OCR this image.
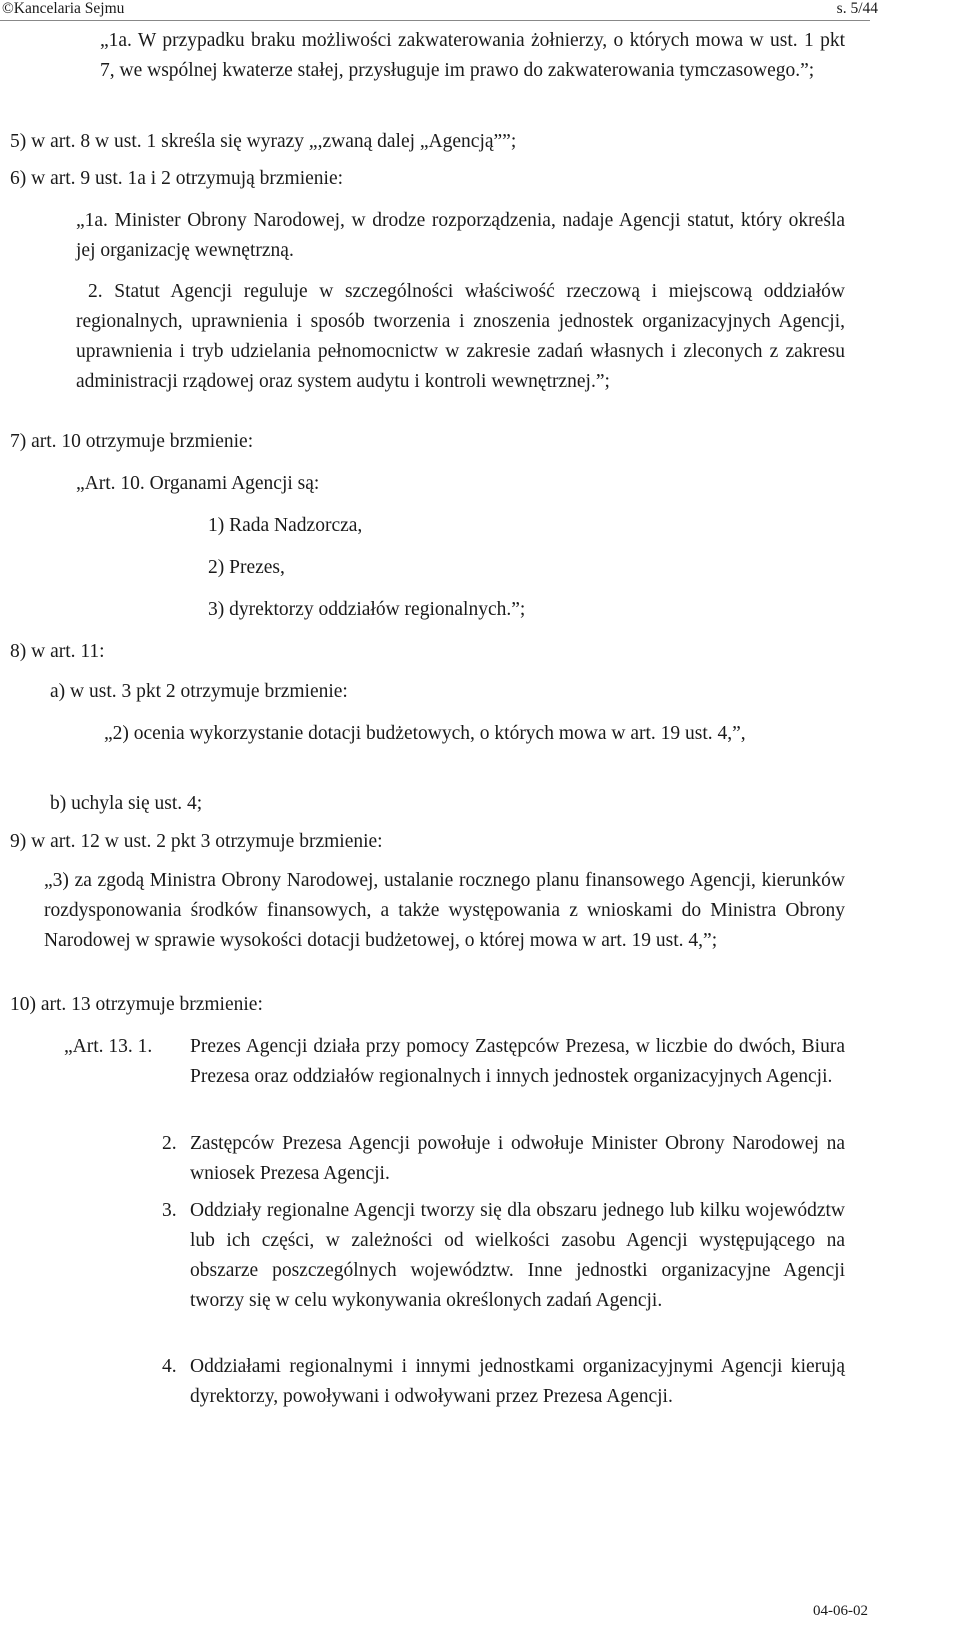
©Kancelaria Sejmu	s. 5/44
„1a. W przypadku braku możliwości zakwaterowania żołnierzy, o których mowa w ust. 1 pkt 7, we wspólnej kwaterze stałej, przysługuje im prawo do zakwaterowania tymczasowego.”;
5) w art. 8 w ust. 1 skreśla się wyrazy „,zwaną dalej „Agencją””;
6) w art. 9 ust. 1a i 2 otrzymują brzmienie:
„1a. Minister Obrony Narodowej, w drodze rozporządzenia, nadaje Agencji statut, który określa jej organizację wewnętrzną.
2. Statut Agencji reguluje w szczególności właściwość rzeczową i miejscową oddziałów regionalnych, uprawnienia i sposób tworzenia i znoszenia jednostek organizacyjnych Agencji, uprawnienia i tryb udzielania pełnomocnictw w zakresie zadań własnych i zleconych z zakresu administracji rządowej oraz system audytu i kontroli wewnętrznej.”;
7) art. 10 otrzymuje brzmienie:
„Art. 10. Organami Agencji są:
1) Rada Nadzorcza,
2) Prezes,
3) dyrektorzy oddziałów regionalnych.”;
8) w art. 11:
a) w ust. 3 pkt 2 otrzymuje brzmienie:
„2) ocenia wykorzystanie dotacji budżetowych, o których mowa w art. 19 ust. 4,”,
b) uchyla się ust. 4;
9) w art. 12 w ust. 2 pkt 3 otrzymuje brzmienie:
„3) za zgodą Ministra Obrony Narodowej, ustalanie rocznego planu finansowego Agencji, kierunków rozdysponowania środków finansowych, a także występowania z wnioskami do Ministra Obrony Narodowej w sprawie wysokości dotacji budżetowej, o której mowa w art. 19 ust. 4,”;
10) art. 13 otrzymuje brzmienie:
„Art. 13. 1. Prezes Agencji działa przy pomocy Zastępców Prezesa, w liczbie do dwóch, Biura Prezesa oraz oddziałów regionalnych i innych jednostek organizacyjnych Agencji.
2. Zastępców Prezesa Agencji powołuje i odwołuje Minister Obrony Narodowej na wniosek Prezesa Agencji.
3. Oddziały regionalne Agencji tworzy się dla obszaru jednego lub kilku województw lub ich części, w zależności od wielkości zasobu Agencji występującego na obszarze poszczególnych województw. Inne jednostki organizacyjne Agencji tworzy się w celu wykonywania określonych zadań Agencji.
4. Oddziałami regionalnymi i innymi jednostkami organizacyjnymi Agencji kierują dyrektorzy, powoływani i odwoływani przez Prezesa Agencji.
04-06-02
